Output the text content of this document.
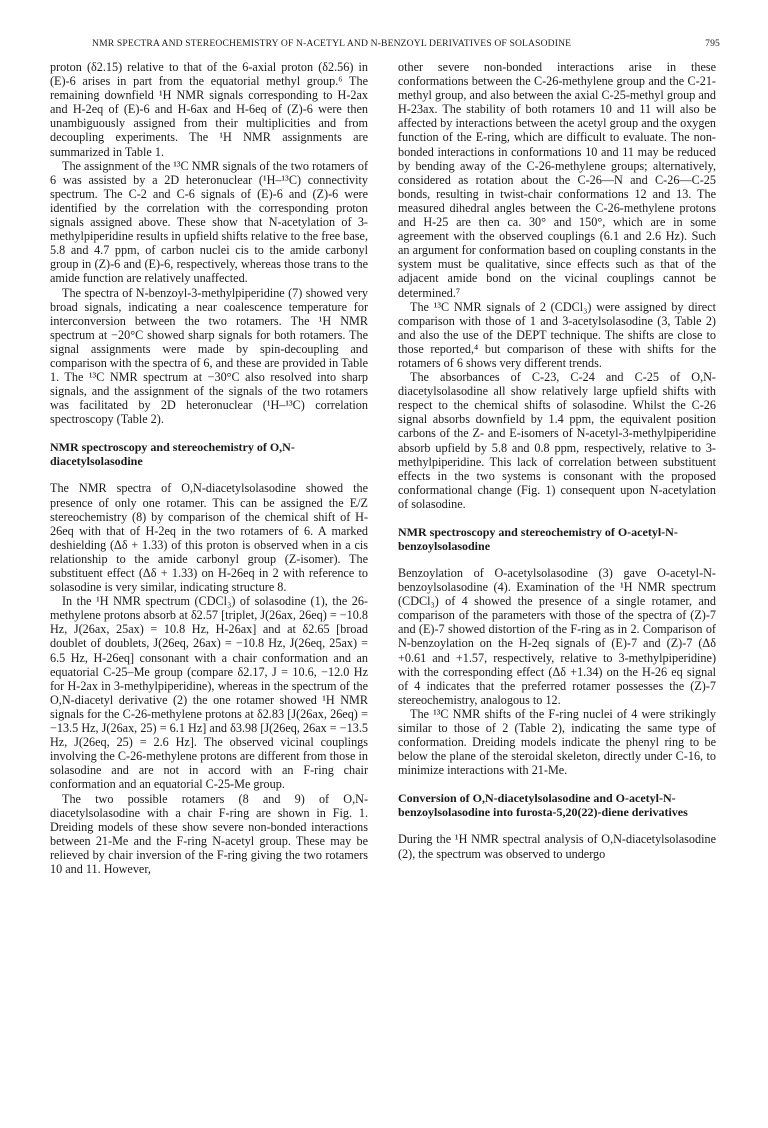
NMR SPECTRA AND STEREOCHEMISTRY OF N-ACETYL AND N-BENZOYL DERIVATIVES OF SOLASODINE	795

proton (δ2.15) relative to that of the 6-axial proton (δ2.56) in (E)-6 arises in part from the equatorial methyl group.⁶ The remaining downfield ¹H NMR signals corresponding to H-2ax and H-2eq of (E)-6 and H-6ax and H-6eq of (Z)-6 were then unambiguously assigned from their multiplicities and from decoupling experiments. The ¹H NMR assignments are summarized in Table 1.

The assignment of the ¹³C NMR signals of the two rotamers of 6 was assisted by a 2D heteronuclear (¹H–¹³C) connectivity spectrum. The C-2 and C-6 signals of (E)-6 and (Z)-6 were identified by the correlation with the corresponding proton signals assigned above. These show that N-acetylation of 3-methylpiperidine results in upfield shifts relative to the free base, 5.8 and 4.7 ppm, of carbon nuclei cis to the amide carbonyl group in (Z)-6 and (E)-6, respectively, whereas those trans to the amide function are relatively unaffected.

The spectra of N-benzoyl-3-methylpiperidine (7) showed very broad signals, indicating a near coalescence temperature for interconversion between the two rotamers. The ¹H NMR spectrum at −20°C showed sharp signals for both rotamers. The signal assignments were made by spin-decoupling and comparison with the spectra of 6, and these are provided in Table 1. The ¹³C NMR spectrum at −30°C also resolved into sharp signals, and the assignment of the signals of the two rotamers was facilitated by 2D heteronuclear (¹H–¹³C) correlation spectroscopy (Table 2).

NMR spectroscopy and stereochemistry of O,N-diacetylsolasodine

The NMR spectra of O,N-diacetylsolasodine showed the presence of only one rotamer. This can be assigned the E/Z stereochemistry (8) by comparison of the chemical shift of H-26eq with that of H-2eq in the two rotamers of 6. A marked deshielding (Δδ + 1.33) of this proton is observed when in a cis relationship to the amide carbonyl group (Z-isomer). The substituent effect (Δδ + 1.33) on H-26eq in 2 with reference to solasodine is very similar, indicating structure 8.

In the ¹H NMR spectrum (CDCl₃) of solasodine (1), the 26-methylene protons absorb at δ2.57 [triplet, J(26ax, 26eq) = −10.8 Hz, J(26ax, 25ax) = 10.8 Hz, H-26ax] and at δ2.65 [broad doublet of doublets, J(26eq, 26ax) = −10.8 Hz, J(26eq, 25ax) = 6.5 Hz, H-26eq] consonant with a chair conformation and an equatorial C-25–Me group (compare δ2.17, J = 10.6, −12.0 Hz for H-2ax in 3-methylpiperidine), whereas in the spectrum of the O,N-diacetyl derivative (2) the one rotamer showed ¹H NMR signals for the C-26-methylene protons at δ2.83 [J(26ax, 26eq) = −13.5 Hz, J(26ax, 25) = 6.1 Hz] and δ3.98 [J(26eq, 26ax = −13.5 Hz, J(26eq, 25) = 2.6 Hz]. The observed vicinal couplings involving the C-26-methylene protons are different from those in solasodine and are not in accord with an F-ring chair conformation and an equatorial C-25-Me group.

The two possible rotamers (8 and 9) of O,N-diacetylsolasodine with a chair F-ring are shown in Fig. 1. Dreiding models of these show severe non-bonded interactions between 21-Me and the F-ring N-acetyl group. These may be relieved by chair inversion of the F-ring giving the two rotamers 10 and 11. However,

other severe non-bonded interactions arise in these conformations between the C-26-methylene group and the C-21-methyl group, and also between the axial C-25-methyl group and H-23ax. The stability of both rotamers 10 and 11 will also be affected by interactions between the acetyl group and the oxygen function of the E-ring, which are difficult to evaluate. The non-bonded interactions in conformations 10 and 11 may be reduced by bending away of the C-26-methylene groups; alternatively, considered as rotation about the C-26—N and C-26—C-25 bonds, resulting in twist-chair conformations 12 and 13. The measured dihedral angles between the C-26-methylene protons and H-25 are then ca. 30° and 150°, which are in some agreement with the observed couplings (6.1 and 2.6 Hz). Such an argument for conformation based on coupling constants in the system must be qualitative, since effects such as that of the adjacent amide bond on the vicinal couplings cannot be determined.⁷

The ¹³C NMR signals of 2 (CDCl₃) were assigned by direct comparison with those of 1 and 3-acetylsolasodine (3, Table 2) and also the use of the DEPT technique. The shifts are close to those reported,⁴ but comparison of these with shifts for the rotamers of 6 shows very different trends.

The absorbances of C-23, C-24 and C-25 of O,N-diacetylsolasodine all show relatively large upfield shifts with respect to the chemical shifts of solasodine. Whilst the C-26 signal absorbs downfield by 1.4 ppm, the equivalent position carbons of the Z- and E-isomers of N-acetyl-3-methylpiperidine absorb upfield by 5.8 and 0.8 ppm, respectively, relative to 3-methylpiperidine. This lack of correlation between substituent effects in the two systems is consonant with the proposed conformational change (Fig. 1) consequent upon N-acetylation of solasodine.

NMR spectroscopy and stereochemistry of O-acetyl-N-benzoylsolasodine

Benzoylation of O-acetylsolasodine (3) gave O-acetyl-N-benzoylsolasodine (4). Examination of the ¹H NMR spectrum (CDCl₃) of 4 showed the presence of a single rotamer, and comparison of the parameters with those of the spectra of (Z)-7 and (E)-7 showed distortion of the F-ring as in 2. Comparison of N-benzoylation on the H-2eq signals of (E)-7 and (Z)-7 (Δδ +0.61 and +1.57, respectively, relative to 3-methylpiperidine) with the corresponding effect (Δδ +1.34) on the H-26 eq signal of 4 indicates that the preferred rotamer possesses the (Z)-7 stereochemistry, analogous to 12.

The ¹³C NMR shifts of the F-ring nuclei of 4 were strikingly similar to those of 2 (Table 2), indicating the same type of conformation. Dreiding models indicate the phenyl ring to be below the plane of the steroidal skeleton, directly under C-16, to minimize interactions with 21-Me.

Conversion of O,N-diacetylsolasodine and O-acetyl-N-benzoylsolasodine into furosta-5,20(22)-diene derivatives

During the ¹H NMR spectral analysis of O,N-diacetylsolasodine (2), the spectrum was observed to undergo
